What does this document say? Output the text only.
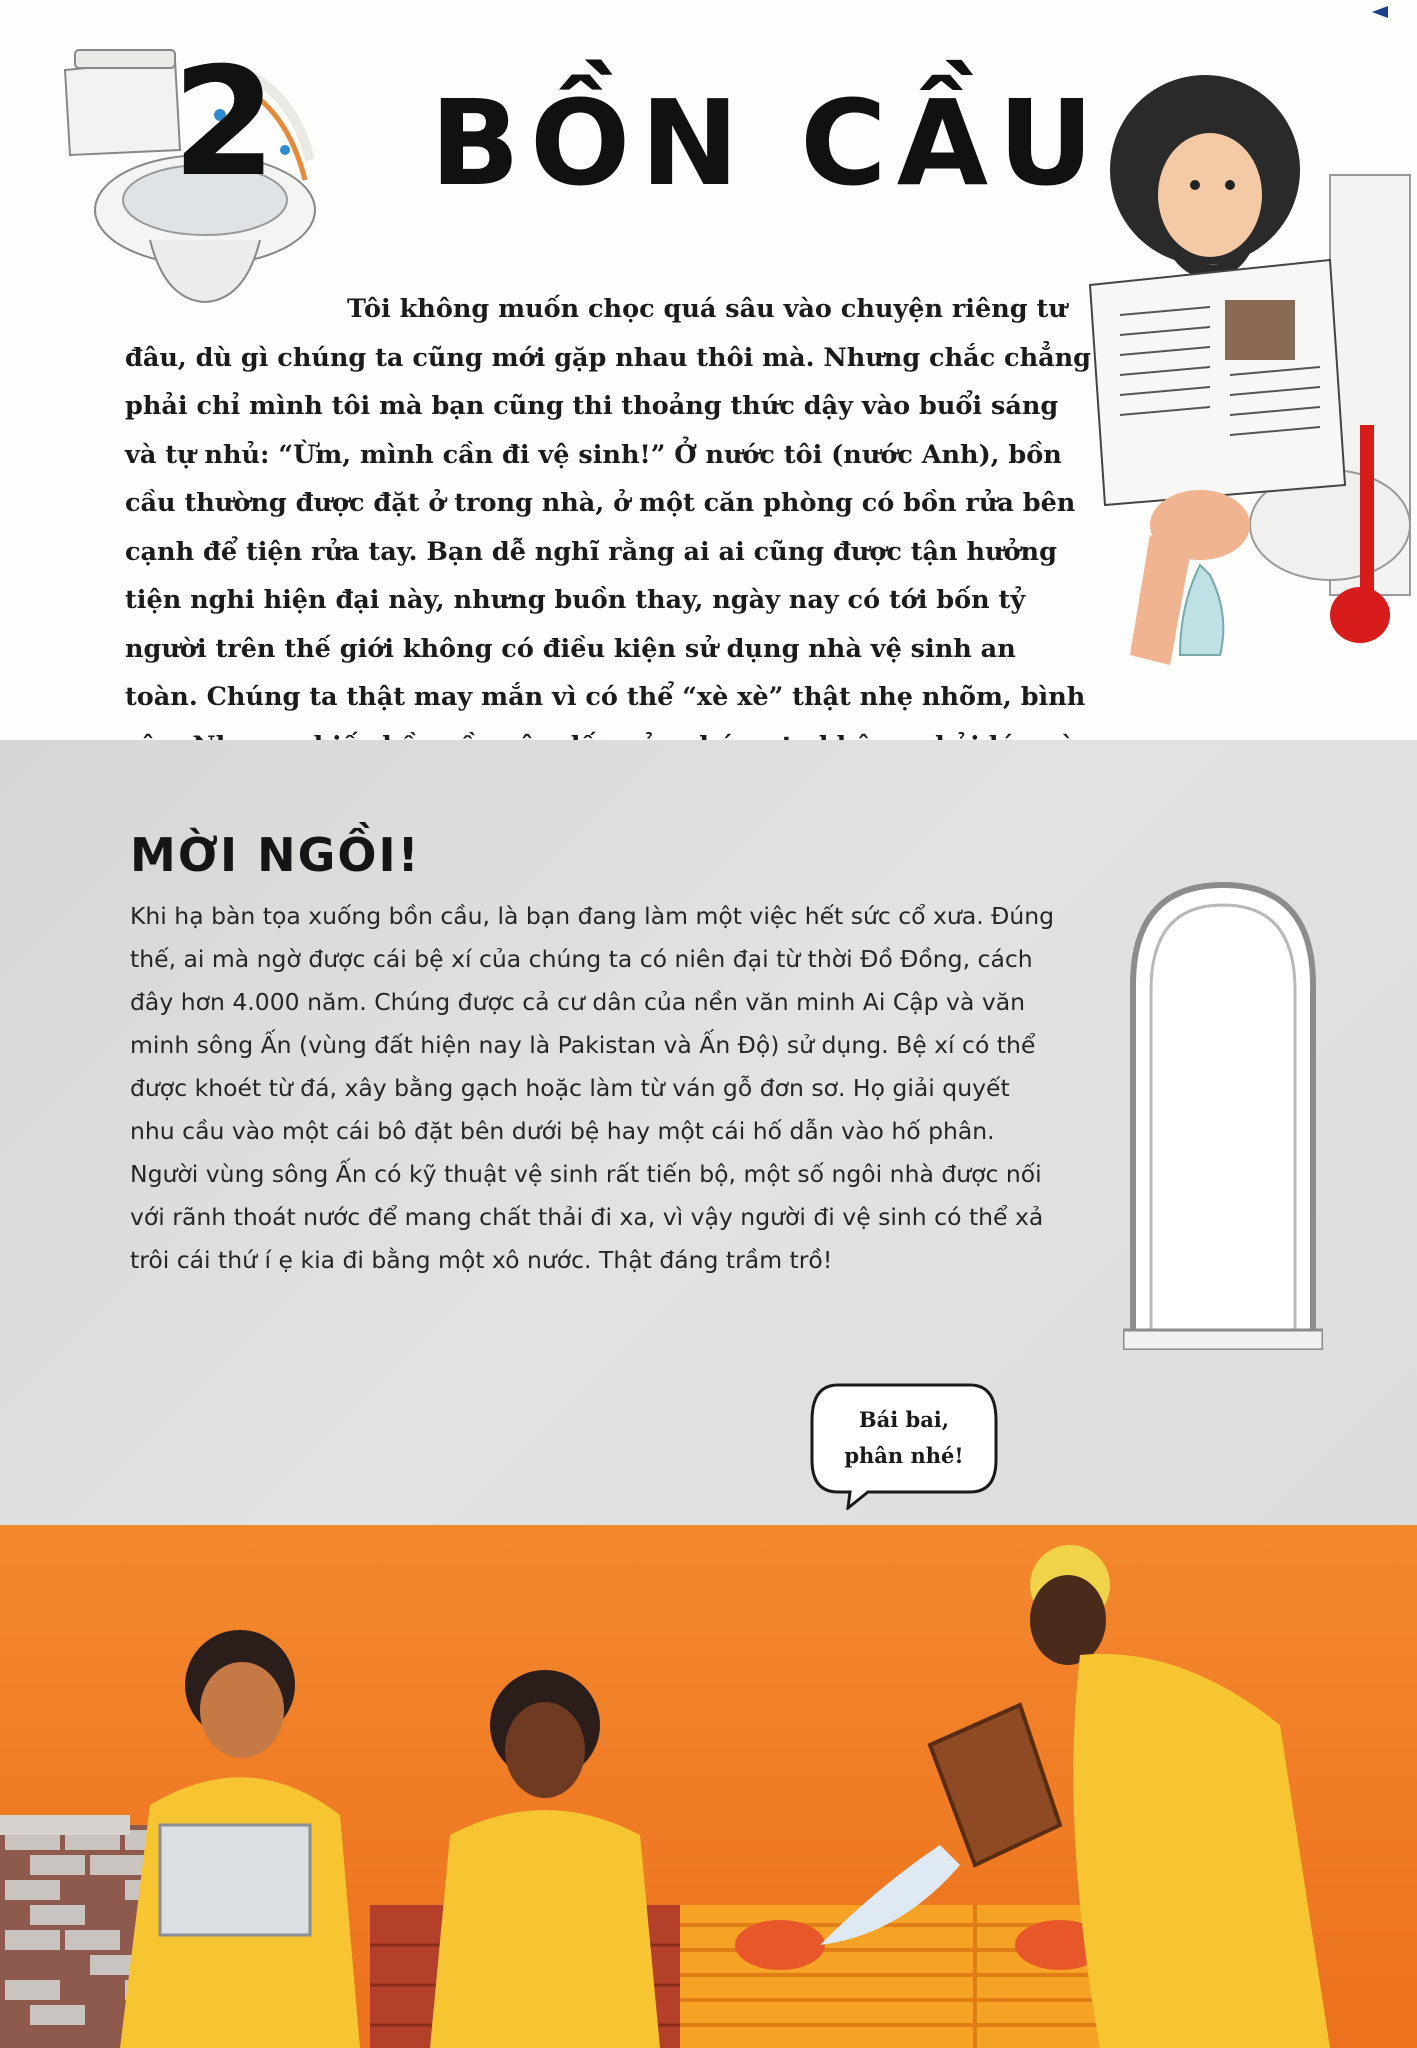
2 BỒN CẦU

Tôi không muốn chọc quá sâu vào chuyện riêng tư đâu, dù gì chúng ta cũng mới gặp nhau thôi mà. Nhưng chắc chẳng phải chỉ mình tôi mà bạn cũng thi thoảng thức dậy vào buổi sáng và tự nhủ: “Ừm, mình cần đi vệ sinh!” Ở nước tôi (nước Anh), bồn cầu thường được đặt ở trong nhà, ở một căn phòng có bồn rửa bên cạnh để tiện rửa tay. Bạn dễ nghĩ rằng ai ai cũng được tận hưởng tiện nghi hiện đại này, nhưng buồn thay, ngày nay có tới bốn tỷ người trên thế giới không có điều kiện sử dụng nhà vệ sinh an toàn. Chúng ta thật may mắn vì có thể “xè xè” thật nhẹ nhõm, bình

MỜI NGỒI!

Khi hạ bàn tọa xuống bồn cầu, là bạn đang làm một việc hết sức cổ xưa. Đúng thế, ai mà ngờ được cái bệ xí của chúng ta có niên đại từ thời Đồ Đồng, cách đây hơn 4.000 năm. Chúng được cả cư dân của nền văn minh Ai Cập và văn minh sông Ấn (vùng đất hiện nay là Pakistan và Ấn Độ) sử dụng. Bệ xí có thể được khoét từ đá, xây bằng gạch hoặc làm từ ván gỗ đơn sơ. Họ giải quyết nhu cầu vào một cái bô đặt bên dưới bệ hay một cái hố dẫn vào hố phân. Người vùng sông Ấn có kỹ thuật vệ sinh rất tiến bộ, một số ngôi nhà được nối với rãnh thoát nước để mang chất thải đi xa, vì vậy người đi vệ sinh có thể xả trôi cái thứ í ẹ kia đi bằng một xô nước. Thật đáng trầm trồ!

Bái bai,
phân nhé!
